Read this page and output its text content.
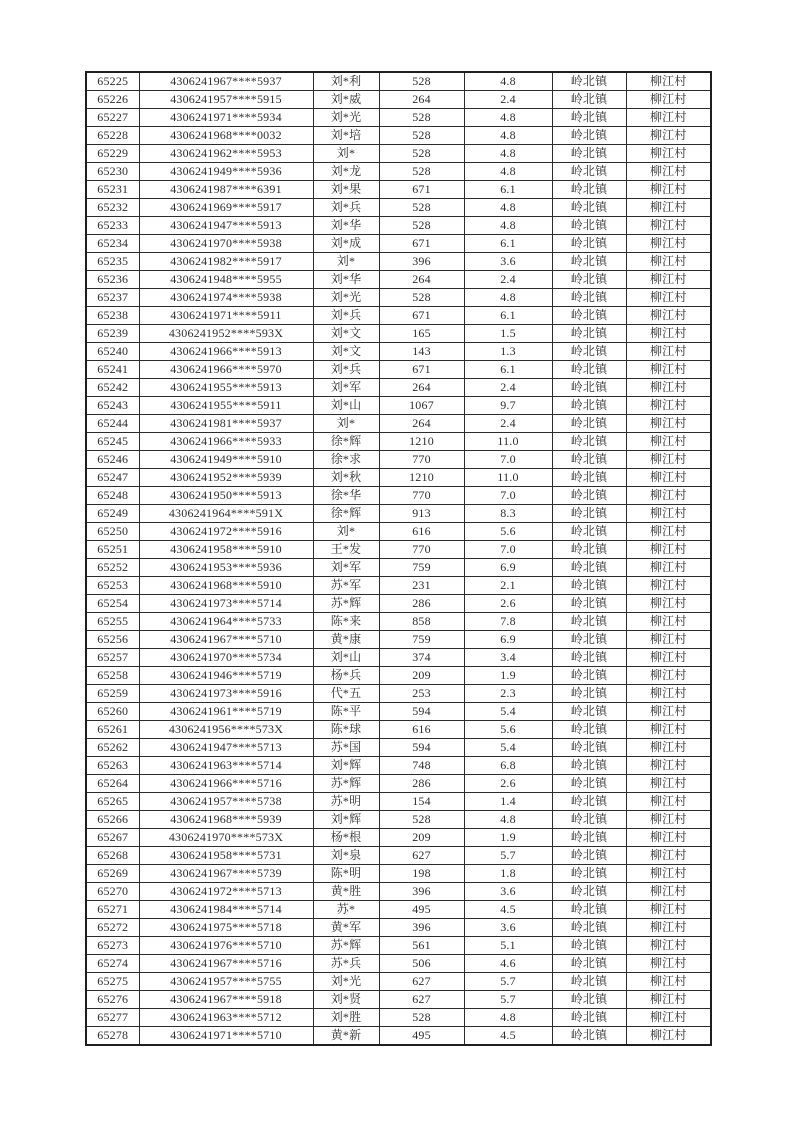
65225	4306241967****5937	刘*利	528	4.8	岭北镇	柳江村
65226	4306241957****5915	刘*威	264	2.4	岭北镇	柳江村
65227	4306241971****5934	刘*光	528	4.8	岭北镇	柳江村
65228	4306241968****0032	刘*培	528	4.8	岭北镇	柳江村
65229	4306241962****5953	刘*	528	4.8	岭北镇	柳江村
65230	4306241949****5936	刘*龙	528	4.8	岭北镇	柳江村
65231	4306241987****6391	刘*果	671	6.1	岭北镇	柳江村
65232	4306241969****5917	刘*兵	528	4.8	岭北镇	柳江村
65233	4306241947****5913	刘*华	528	4.8	岭北镇	柳江村
65234	4306241970****5938	刘*成	671	6.1	岭北镇	柳江村
65235	4306241982****5917	刘*	396	3.6	岭北镇	柳江村
65236	4306241948****5955	刘*华	264	2.4	岭北镇	柳江村
65237	4306241974****5938	刘*光	528	4.8	岭北镇	柳江村
65238	4306241971****5911	刘*兵	671	6.1	岭北镇	柳江村
65239	4306241952****593X	刘*文	165	1.5	岭北镇	柳江村
65240	4306241966****5913	刘*文	143	1.3	岭北镇	柳江村
65241	4306241966****5970	刘*兵	671	6.1	岭北镇	柳江村
65242	4306241955****5913	刘*军	264	2.4	岭北镇	柳江村
65243	4306241955****5911	刘*山	1067	9.7	岭北镇	柳江村
65244	4306241981****5937	刘*	264	2.4	岭北镇	柳江村
65245	4306241966****5933	徐*辉	1210	11.0	岭北镇	柳江村
65246	4306241949****5910	徐*求	770	7.0	岭北镇	柳江村
65247	4306241952****5939	刘*秋	1210	11.0	岭北镇	柳江村
65248	4306241950****5913	徐*华	770	7.0	岭北镇	柳江村
65249	4306241964****591X	徐*辉	913	8.3	岭北镇	柳江村
65250	4306241972****5916	刘*	616	5.6	岭北镇	柳江村
65251	4306241958****5910	王*发	770	7.0	岭北镇	柳江村
65252	4306241953****5936	刘*军	759	6.9	岭北镇	柳江村
65253	4306241968****5910	苏*军	231	2.1	岭北镇	柳江村
65254	4306241973****5714	苏*辉	286	2.6	岭北镇	柳江村
65255	4306241964****5733	陈*来	858	7.8	岭北镇	柳江村
65256	4306241967****5710	黄*康	759	6.9	岭北镇	柳江村
65257	4306241970****5734	刘*山	374	3.4	岭北镇	柳江村
65258	4306241946****5719	杨*兵	209	1.9	岭北镇	柳江村
65259	4306241973****5916	代*五	253	2.3	岭北镇	柳江村
65260	4306241961****5719	陈*平	594	5.4	岭北镇	柳江村
65261	4306241956****573X	陈*球	616	5.6	岭北镇	柳江村
65262	4306241947****5713	苏*国	594	5.4	岭北镇	柳江村
65263	4306241963****5714	刘*辉	748	6.8	岭北镇	柳江村
65264	4306241966****5716	苏*辉	286	2.6	岭北镇	柳江村
65265	4306241957****5738	苏*明	154	1.4	岭北镇	柳江村
65266	4306241968****5939	刘*辉	528	4.8	岭北镇	柳江村
65267	4306241970****573X	杨*根	209	1.9	岭北镇	柳江村
65268	4306241958****5731	刘*泉	627	5.7	岭北镇	柳江村
65269	4306241967****5739	陈*明	198	1.8	岭北镇	柳江村
65270	4306241972****5713	黄*胜	396	3.6	岭北镇	柳江村
65271	4306241984****5714	苏*	495	4.5	岭北镇	柳江村
65272	4306241975****5718	黄*军	396	3.6	岭北镇	柳江村
65273	4306241976****5710	苏*辉	561	5.1	岭北镇	柳江村
65274	4306241967****5716	苏*兵	506	4.6	岭北镇	柳江村
65275	4306241957****5755	刘*光	627	5.7	岭北镇	柳江村
65276	4306241967****5918	刘*贤	627	5.7	岭北镇	柳江村
65277	4306241963****5712	刘*胜	528	4.8	岭北镇	柳江村
65278	4306241971****5710	黄*新	495	4.5	岭北镇	柳江村
